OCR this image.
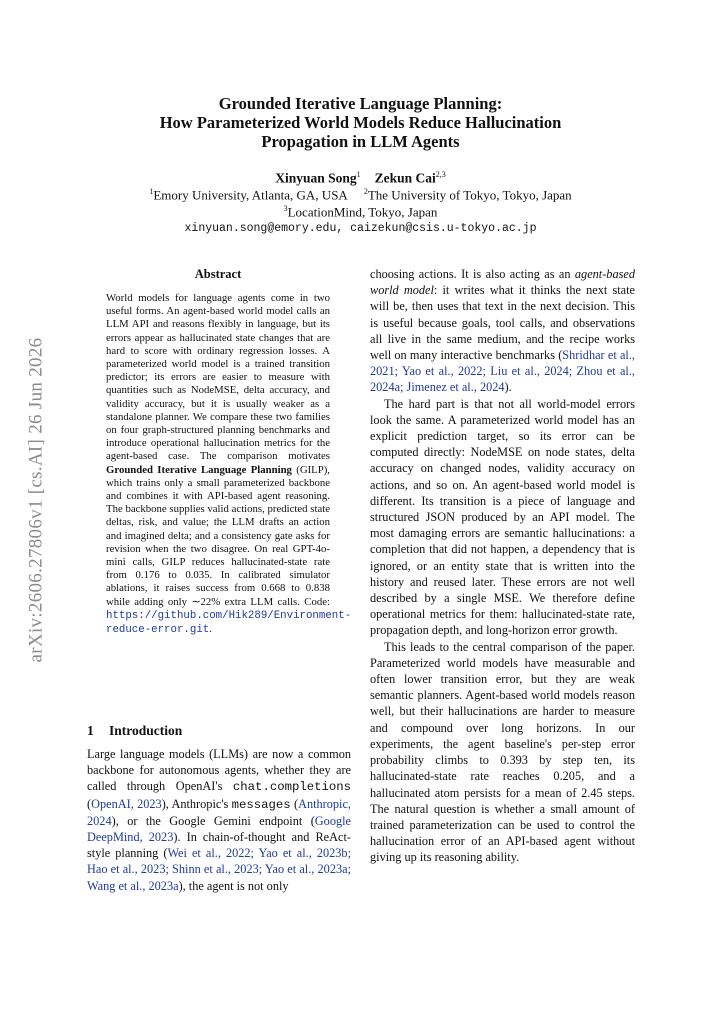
arXiv:2606.27806v1 [cs.AI] 26 Jun 2026
Grounded Iterative Language Planning:
How Parameterized World Models Reduce Hallucination
Propagation in LLM Agents
Xinyuan Song$^1$ Zekun Cai$^{2,3}$
$^1$Emory University, Atlanta, GA, USA $^2$The University of Tokyo, Tokyo, Japan
$^3$LocationMind, Tokyo, Japan
xinyuan.song@emory.edu, caizekun@csis.u-tokyo.ac.jp
Abstract
World models for language agents come in two useful forms. An agent-based world model calls an LLM API and reasons flexibly in language, but its errors appear as hallucinated state changes that are hard to score with ordinary regression losses. A parameterized world model is a trained transition predictor; its errors are easier to measure with quantities such as NodeMSE, delta accuracy, and validity accuracy, but it is usually weaker as a standalone planner. We compare these two families on four graph-structured planning benchmarks and introduce operational hallucination metrics for the agent-based case. The comparison motivates Grounded Iterative Language Planning (GILP), which trains only a small parameterized backbone and combines it with API-based agent reasoning. The backbone supplies valid actions, predicted state deltas, risk, and value; the LLM drafts an action and imagined delta; and a consistency gate asks for revision when the two disagree. On real GPT-4o-mini calls, GILP reduces hallucinated-state rate from 0.176 to 0.035. In calibrated simulator ablations, it raises success from 0.668 to 0.838 while adding only ∼22% extra LLM calls. Code: https://github.com/Hik289/Environment-reduce-error.git.
1 Introduction
Large language models (LLMs) are now a common backbone for autonomous agents, whether they are called through OpenAI's chat.completions (OpenAI, 2023), Anthropic's messages (Anthropic, 2024), or the Google Gemini endpoint (Google DeepMind, 2023). In chain-of-thought and ReAct-style planning (Wei et al., 2022; Yao et al., 2023b; Hao et al., 2023; Shinn et al., 2023; Yao et al., 2023a; Wang et al., 2023a), the agent is not only

choosing actions. It is also acting as an agent-based world model: it writes what it thinks the next state will be, then uses that text in the next decision. This is useful because goals, tool calls, and observations all live in the same medium, and the recipe works well on many interactive benchmarks (Shridhar et al., 2021; Yao et al., 2022; Liu et al., 2024; Zhou et al., 2024a; Jimenez et al., 2024).

The hard part is that not all world-model errors look the same. A parameterized world model has an explicit prediction target, so its error can be computed directly: NodeMSE on node states, delta accuracy on changed nodes, validity accuracy on actions, and so on. An agent-based world model is different. Its transition is a piece of language and structured JSON produced by an API model. The most damaging errors are semantic hallucinations: a completion that did not happen, a dependency that is ignored, or an entity state that is written into the history and reused later. These errors are not well described by a single MSE. We therefore define operational metrics for them: hallucinated-state rate, propagation depth, and long-horizon error growth.

This leads to the central comparison of the paper. Parameterized world models have measurable and often lower transition error, but they are weak semantic planners. Agent-based world models reason well, but their hallucinations are harder to measure and compound over long horizons. In our experiments, the agent baseline's per-step error probability climbs to 0.393 by step ten, its hallucinated-state rate reaches 0.205, and a hallucinated atom persists for a mean of 2.45 steps. The natural question is whether a small amount of trained parameterization can be used to control the hallucination error of an API-based agent without giving up its reasoning ability.
